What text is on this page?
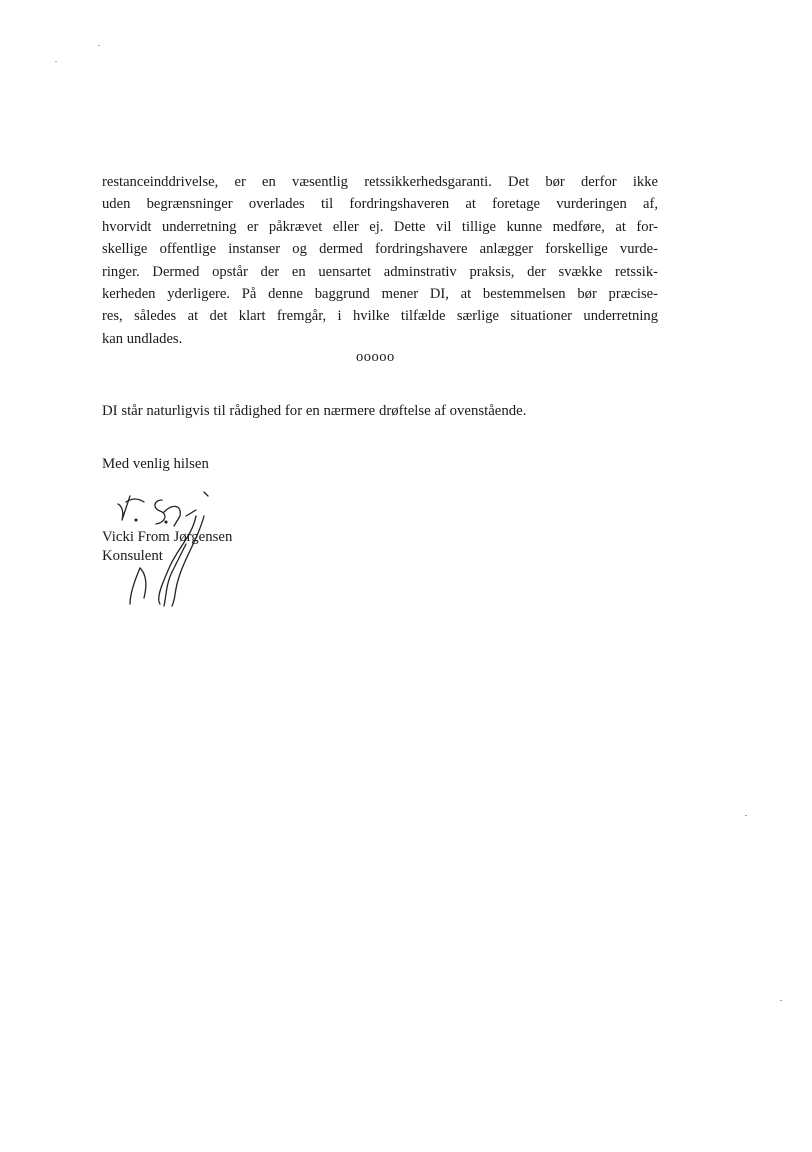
restanceinddrivelse, er en væsentlig retssikkerhedsgaranti. Det bør derfor ikke
uden begrænsninger overlades til fordringshaveren at foretage vurderingen af,
hvorvidt underretning er påkrævet eller ej. Dette vil tillige kunne medføre, at for-
skellige offentlige instanser og dermed fordringshavere anlægger forskellige vurde-
ringer. Dermed opstår der en uensartet adminstrativ praksis, der svække retssik-
kerheden yderligere. På denne baggrund mener DI, at bestemmelsen bør præcise-
res, således at det klart fremgår, i hvilke tilfælde særlige situationer underretning
kan undlades.

ooooo
DI står naturligvis til rådighed for en nærmere drøftelse af ovenstående.
Med venlig hilsen
Vicki From Jørgensen
Konsulent
